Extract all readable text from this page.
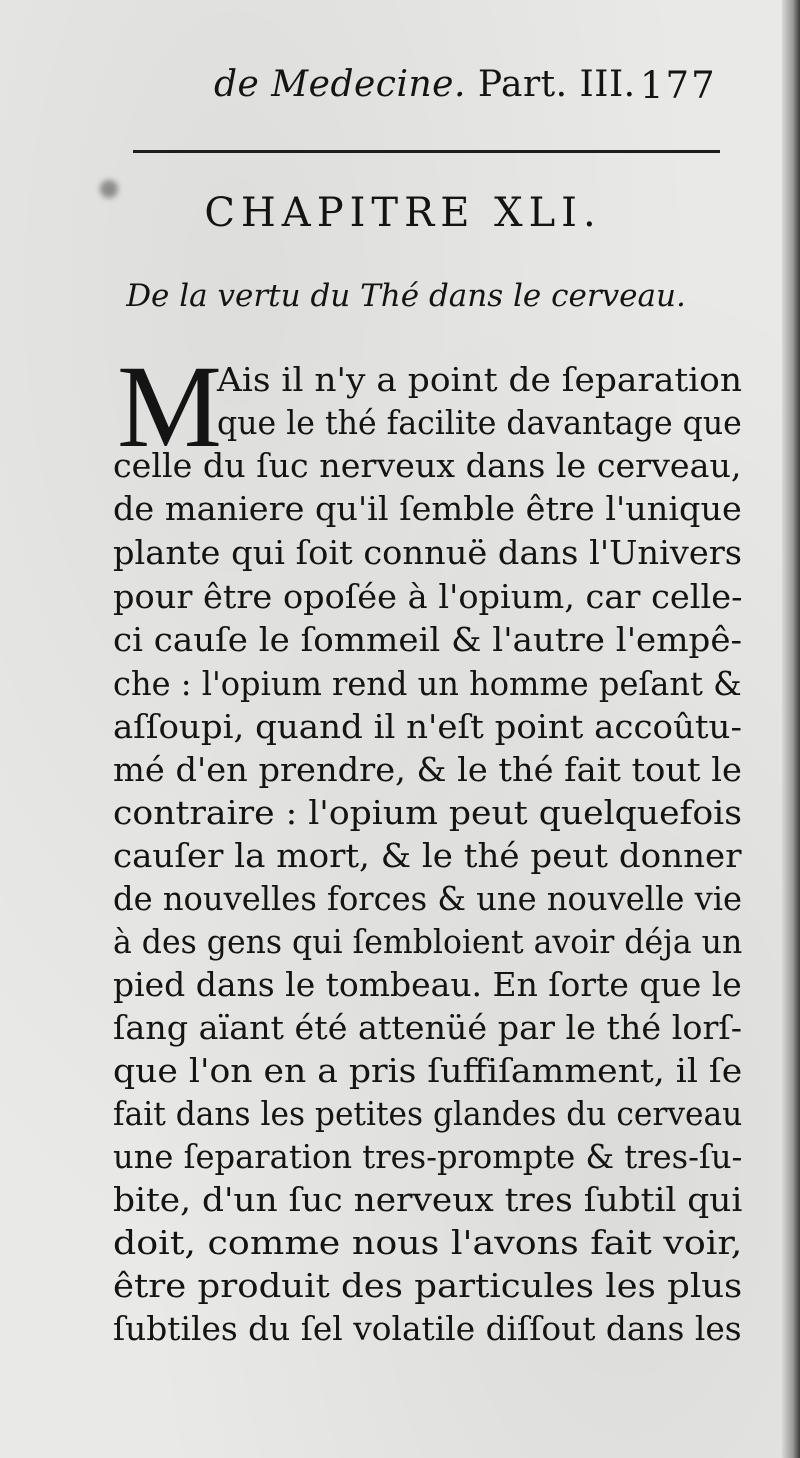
de Medecine. Part. III. 177
CHAPITRE XLI.
De la vertu du Thé dans le cerveau.
M
Ais il n'y a point de ſeparation
que le thé facilite davantage que
celle du ſuc nerveux dans le cerveau,
de maniere qu'il ſemble être l'unique
plante qui ſoit connuë dans l'Univers
pour être opoſée à l'opium, car celle-
ci cauſe le ſommeil & l'autre l'empê-
che : l'opium rend un homme peſant &
aſſoupi, quand il n'eſt point accoûtu-
mé d'en prendre, & le thé fait tout le
contraire : l'opium peut quelquefois
cauſer la mort, & le thé peut donner
de nouvelles forces & une nouvelle vie
à des gens qui ſembloient avoir déja un
pied dans le tombeau. En ſorte que le
ſang aïant été attenüé par le thé lorſ-
que l'on en a pris ſuffiſamment, il ſe
fait dans les petites glandes du cerveau
une ſeparation tres-prompte & tres-ſu-
bite, d'un ſuc nerveux tres ſubtil qui
doit, comme nous l'avons fait voir,
être produit des particules les plus
ſubtiles du ſel volatile diſſout dans les
